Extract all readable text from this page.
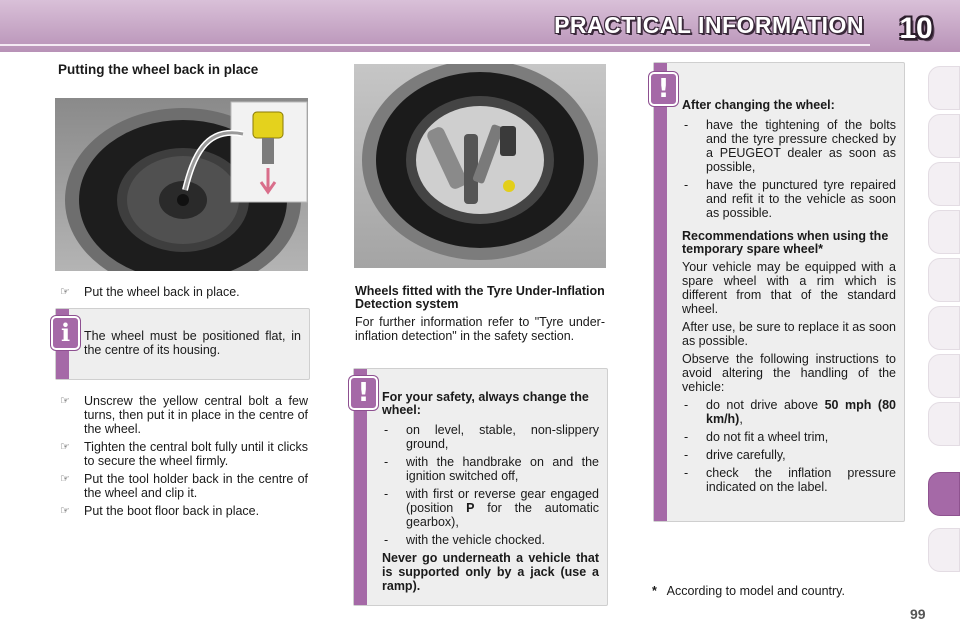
PRACTICAL INFORMATION	10
Putting the wheel back in place
☞ Put the wheel back in place.

The wheel must be positioned flat, in the centre of its housing.

i
☞ Unscrew the yellow central bolt a few turns, then put it in place in the centre of the wheel.
☞ Tighten the central bolt fully until it clicks to secure the wheel firmly.
☞ Put the tool holder back in the centre of the wheel and clip it.
☞ Put the boot floor back in place.
Wheels fitted with the Tyre Under-Inflation Detection system

For further information refer to "Tyre under-inflation detection" in the safety section.

For your safety, always change the wheel:
- on level, stable, non-slippery ground,
- with the handbrake on and the ignition switched off,
- with first or reverse gear engaged (position P for the automatic gearbox),
- with the vehicle chocked.

Never go underneath a vehicle that is supported only by a jack (use a ramp).

!
After changing the wheel:
- have the tightening of the bolts and the tyre pressure checked by a PEUGEOT dealer as soon as possible,
- have the punctured tyre repaired and refit it to the vehicle as soon as possible.
Recommendations when using the temporary spare wheel*

Your vehicle may be equipped with a spare wheel with a rim which is different from that of the standard wheel.

After use, be sure to replace it as soon as possible.

Observe the following instructions to avoid altering the handling of the vehicle:

- do not drive above 50 mph (80 km/h),
- do not fit a wheel trim,
- drive carefully,
- check the inflation pressure indicated on the label.
!
* According to model and country.
99
